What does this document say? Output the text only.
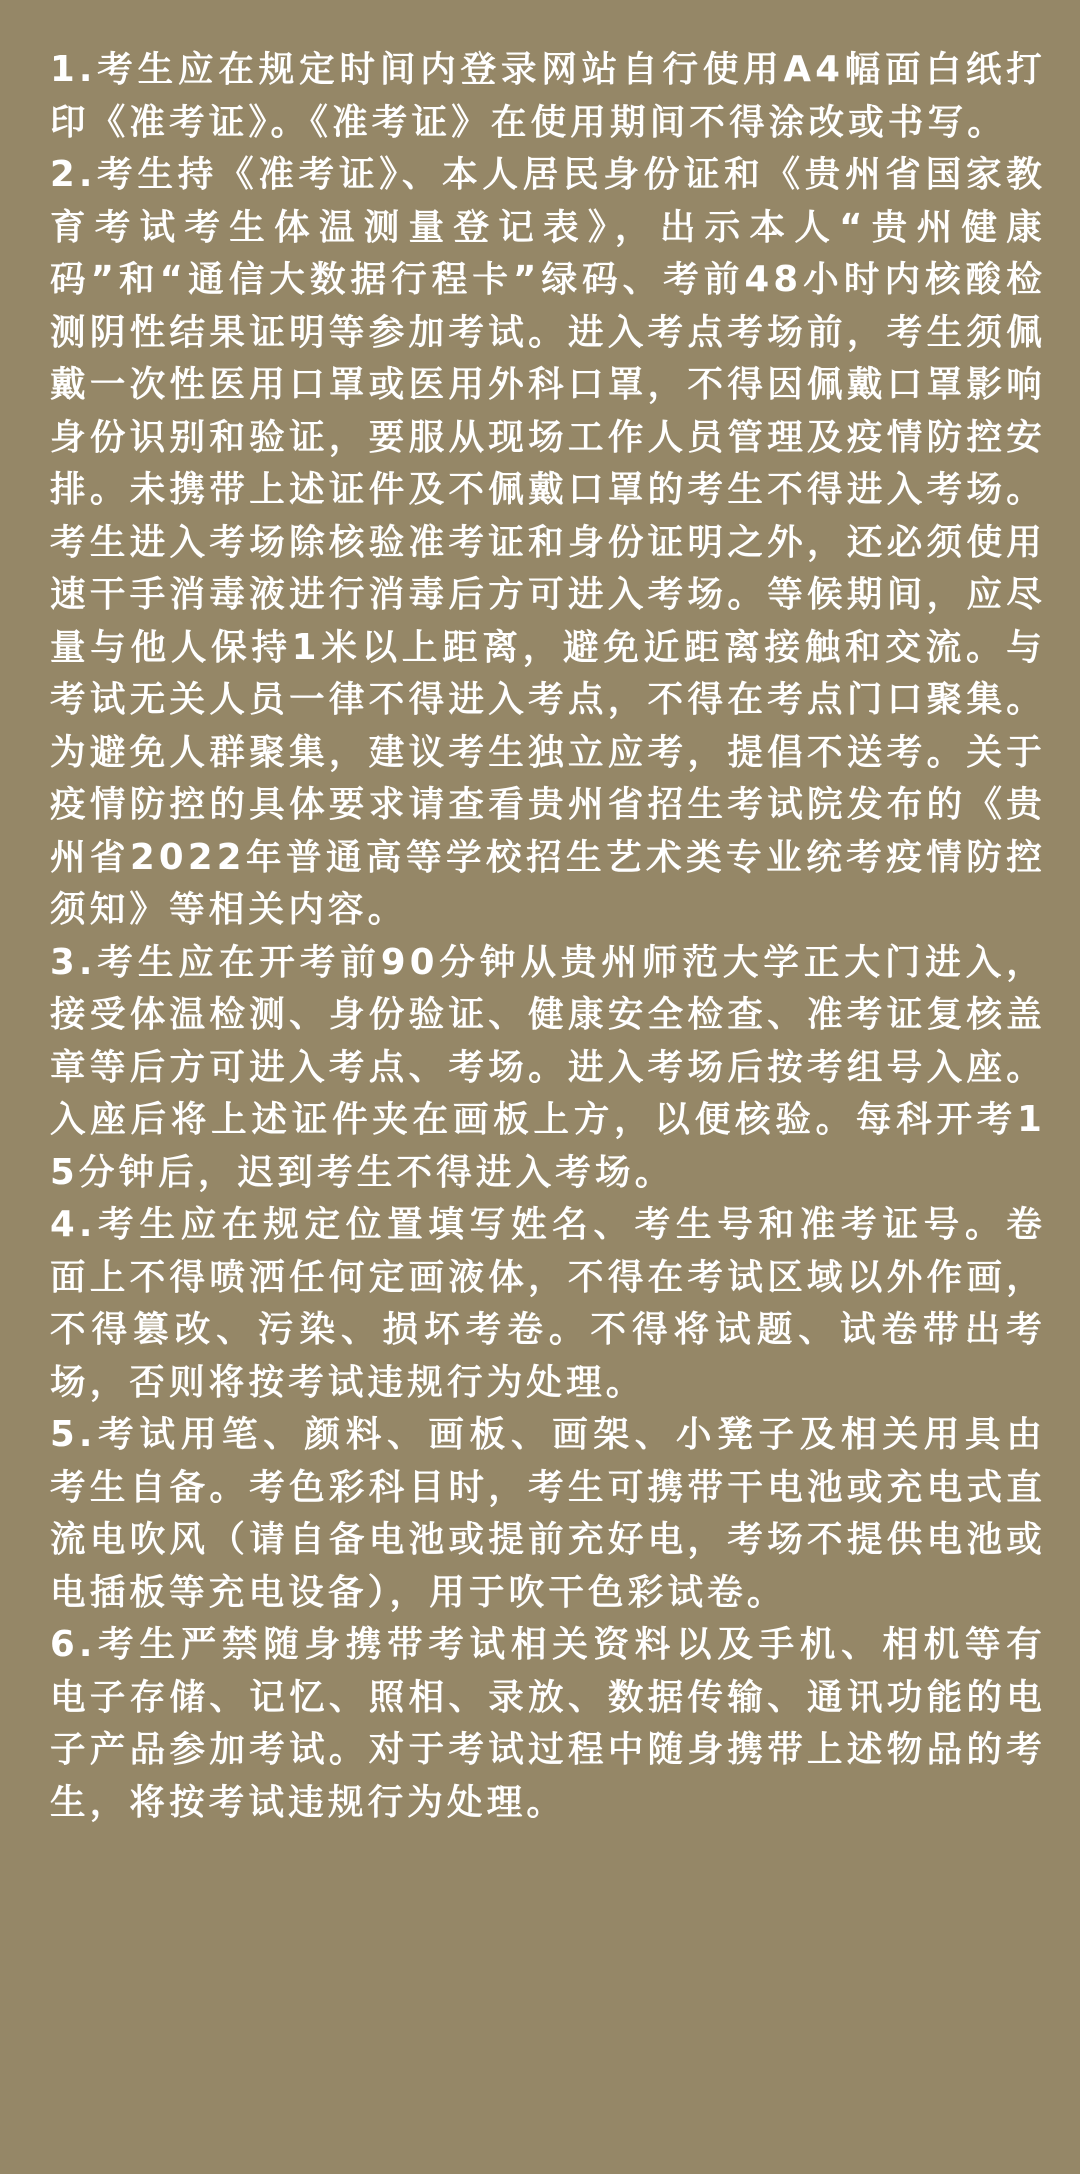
1.考生应在规定时间内登录网站自行使用A4幅面白纸打印《准考证》。《准考证》在使用期间不得涂改或书写。
2.考生持《准考证》、本人居民身份证和《贵州省国家教育考试考生体温测量登记表》，出示本人“贵州健康码”和“通信大数据行程卡”绿码、考前48小时内核酸检测阴性结果证明等参加考试。进入考点考场前，考生须佩戴一次性医用口罩或医用外科口罩，不得因佩戴口罩影响身份识别和验证，要服从现场工作人员管理及疫情防控安排。未携带上述证件及不佩戴口罩的考生不得进入考场。考生进入考场除核验准考证和身份证明之外，还必须使用速干手消毒液进行消毒后方可进入考场。等候期间，应尽量与他人保持1米以上距离，避免近距离接触和交流。与考试无关人员一律不得进入考点，不得在考点门口聚集。为避免人群聚集，建议考生独立应考，提倡不送考。关于疫情防控的具体要求请查看贵州省招生考试院发布的《贵州省2022年普通高等学校招生艺术类专业统考疫情防控须知》等相关内容。
3.考生应在开考前90分钟从贵州师范大学正大门进入，接受体温检测、身份验证、健康安全检查、准考证复核盖章等后方可进入考点、考场。进入考场后按考组号入座。入座后将上述证件夹在画板上方，以便核验。每科开考15分钟后，迟到考生不得进入考场。
4.考生应在规定位置填写姓名、考生号和准考证号。卷面上不得喷洒任何定画液体，不得在考试区域以外作画，不得篡改、污染、损坏考卷。不得将试题、试卷带出考场，否则将按考试违规行为处理。
5.考试用笔、颜料、画板、画架、小凳子及相关用具由考生自备。考色彩科目时，考生可携带干电池或充电式直流电吹风（请自备电池或提前充好电，考场不提供电池或电插板等充电设备），用于吹干色彩试卷。
6.考生严禁随身携带考试相关资料以及手机、相机等有电子存储、记忆、照相、录放、数据传输、通讯功能的电子产品参加考试。对于考试过程中随身携带上述物品的考生，将按考试违规行为处理。
